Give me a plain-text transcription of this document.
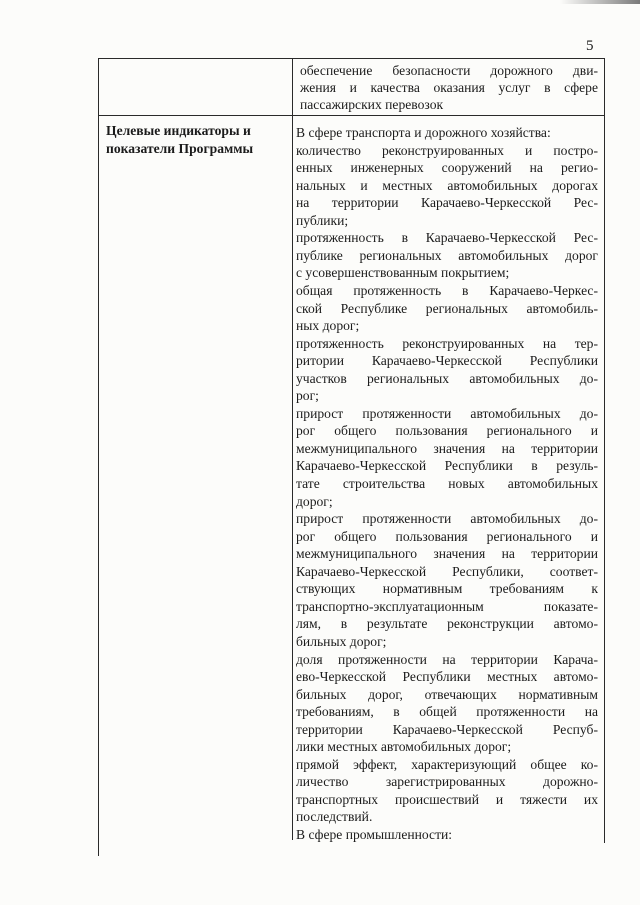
5
Целевые индикаторы и
показатели Программы
обеспечение безопасности дорожного дви-
жения и качества оказания услуг в сфере
пассажирских перевозок
В сфере транспорта и дорожного хозяйства:
количество реконструированных и постро-
енных инженерных сооружений на регио-
нальных и местных автомобильных дорогах
на территории Карачаево-Черкесской Рес-
публики;
протяженность в Карачаево-Черкесской Рес-
публике региональных автомобильных дорог
с усовершенствованным покрытием;
общая протяженность в Карачаево-Черкес-
ской Республике региональных автомобиль-
ных дорог;
протяженность реконструированных на тер-
ритории Карачаево-Черкесской Республики
участков региональных автомобильных до-
рог;
прирост протяженности автомобильных до-
рог общего пользования регионального и
межмуниципального значения на территории
Карачаево-Черкесской Республики в резуль-
тате строительства новых автомобильных
дорог;
прирост протяженности автомобильных до-
рог общего пользования регионального и
межмуниципального значения на территории
Карачаево-Черкесской Республики, соответ-
ствующих нормативным требованиям к
транспортно-эксплуатационным показате-
лям, в результате реконструкции автомо-
бильных дорог;
доля протяженности на территории Карача-
ево-Черкесской Республики местных автомо-
бильных дорог, отвечающих нормативным
требованиям, в общей протяженности на
территории Карачаево-Черкесской Респуб-
лики местных автомобильных дорог;
прямой эффект, характеризующий общее ко-
личество зарегистрированных дорожно-
транспортных происшествий и тяжести их
последствий.
В сфере промышленности:
